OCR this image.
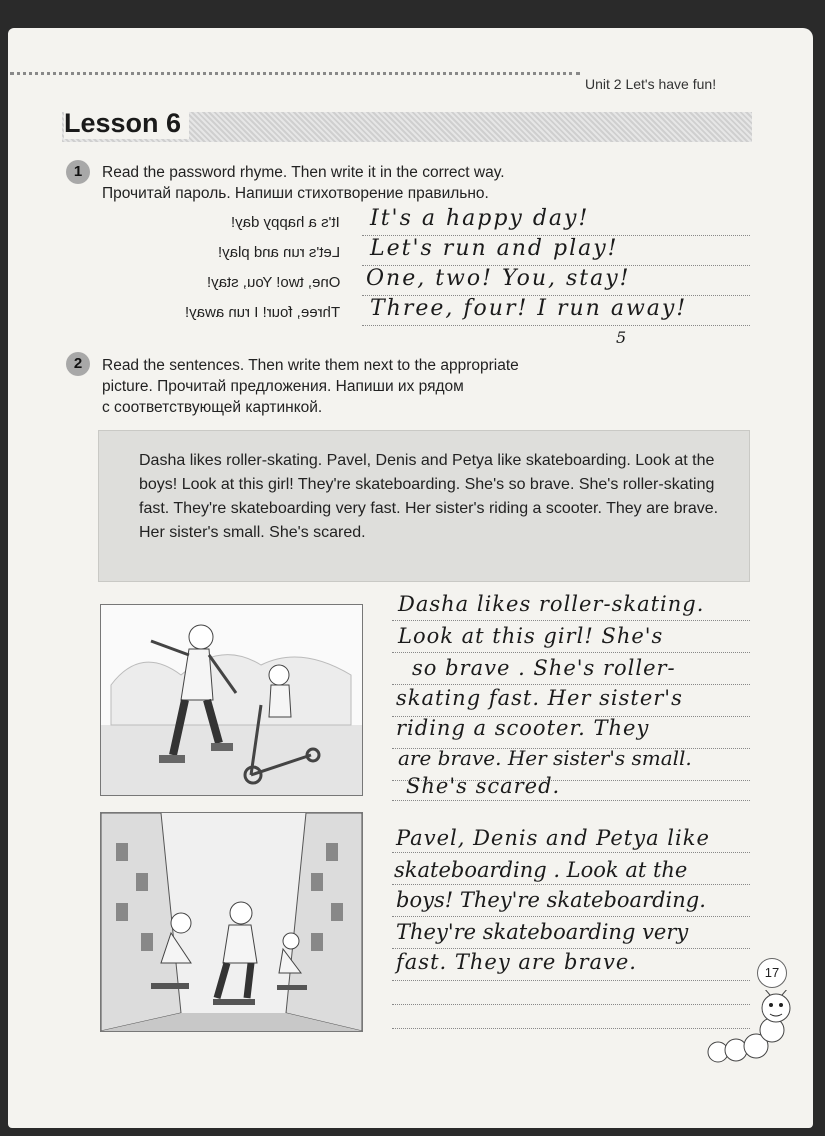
Unit 2 Let's have fun!
Lesson 6
1	Read the password rhyme. Then write it in the correct way.
Прочитай пароль. Напиши стихотворение правильно.
It's a happy day! It's a happy day!
Let's run and play! Let's run and play!
One, two! You, stay! One, two! You, stay!
Three, four! I run away! Three, four! I run away!
5
2	Read the sentences. Then write them next to the appropriate
picture. Прочитай предложения. Напиши их рядом
с соответствующей картинкой.

Dasha likes roller-skating. Pavel, Denis and Petya like skateboarding. Look at the boys! Look at this girl! They're skateboarding. She's so brave. She's roller-skating fast. They're skateboarding very fast. Her sister's riding a scooter. They are brave. Her sister's small. She's scared.

Dasha likes roller-skating.
Look at this girl! She's
so brave . She's roller-
skating fast. Her sister's
riding a scooter. They
are brave. Her sister's small.
She's scared.
Pavel, Denis and Petya like
skateboarding . Look at the
boys! They're skateboarding.
They're skateboarding very
fast. They are brave.	17
